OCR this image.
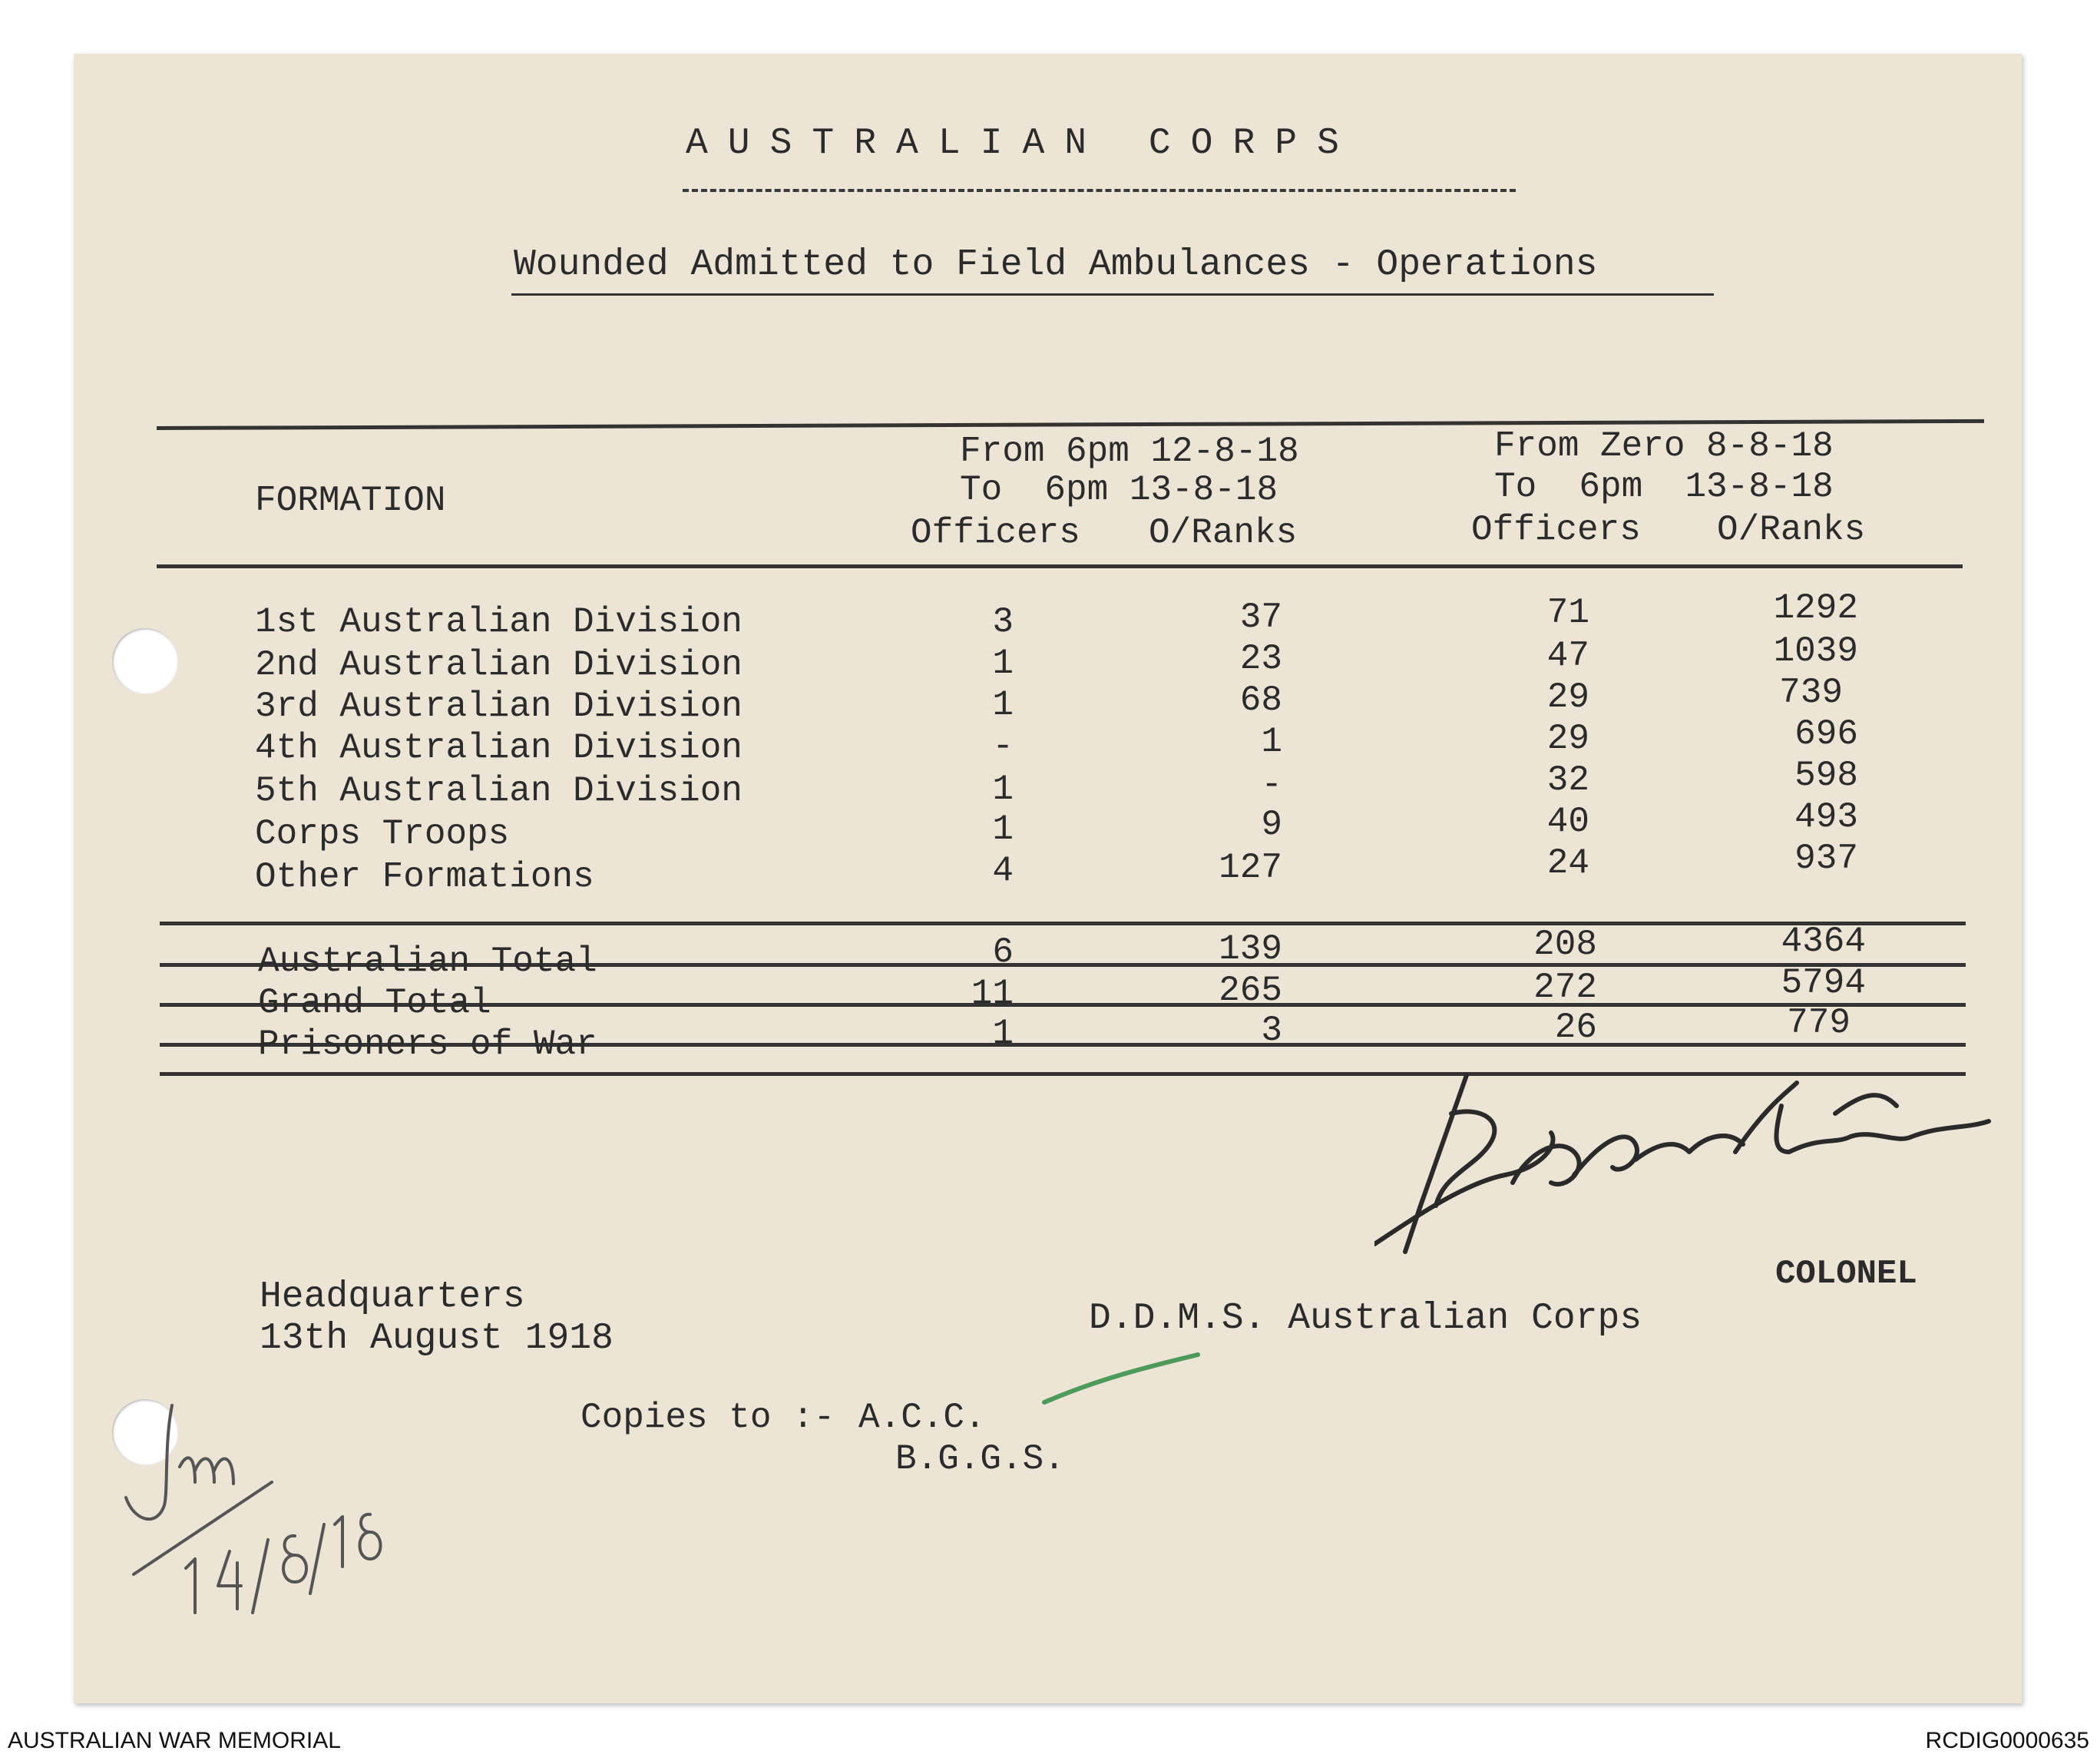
AUSTRALIAN CORPS
Wounded Admitted to Field Ambulances - Operations
FORMATION
From 6pm 12-8-18
To  6pm 13-8-18
Officers O/Ranks
From Zero 8-8-18
To  6pm  13-8-18
Officers O/Ranks
1st Australian Division	3	37	71	1292
2nd Australian Division	1	23	47	1039
3rd Australian Division	1	68	29	739
4th Australian Division	-	1	29	696
5th Australian Division	1	-	32	598
Corps Troops	1	9	40	493
Other Formations	4	127	24	937
Australian Total	6	139	208	4364
Grand Total	11	265	272	5794
Prisoners of War	1	3	26	779
COLONEL
D.D.M.S. Australian Corps
Headquarters
13th August 1918
Copies to :- A.C.C.
B.G.G.S.
AUSTRALIAN WAR MEMORIAL	RCDIG0000635
